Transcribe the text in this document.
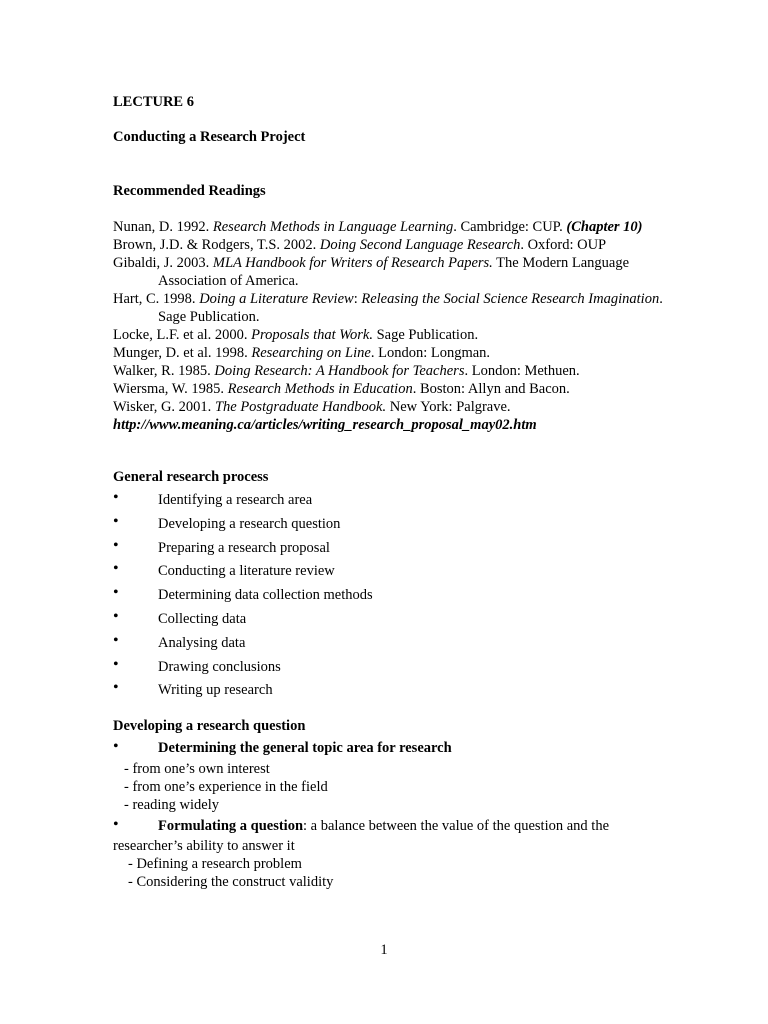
LECTURE 6
Conducting a Research Project
Recommended Readings
Nunan, D. 1992. Research Methods in Language Learning. Cambridge: CUP. (Chapter 10)
Brown, J.D. & Rodgers, T.S. 2002. Doing Second Language Research. Oxford: OUP
Gibaldi, J. 2003. MLA Handbook for Writers of Research Papers. The Modern Language Association of America.
Hart, C. 1998. Doing a Literature Review: Releasing the Social Science Research Imagination. Sage Publication.
Locke, L.F. et al. 2000. Proposals that Work. Sage Publication.
Munger, D. et al. 1998. Researching on Line. London: Longman.
Walker, R. 1985. Doing Research: A Handbook for Teachers. London: Methuen.
Wiersma, W. 1985. Research Methods in Education. Boston: Allyn and Bacon.
Wisker, G. 2001. The Postgraduate Handbook. New York: Palgrave.
http://www.meaning.ca/articles/writing_research_proposal_may02.htm
General research process
•	Identifying a research area
•	Developing a research question
•	Preparing a research proposal
•	Conducting a literature review
•	Determining data collection methods
•	Collecting data
•	Analysing data
•	Drawing conclusions
•	Writing up research
Developing a research question
•	Determining the general topic area for research
- from one’s own interest
- from one’s experience in the field
- reading widely
•	Formulating a question: a balance between the value of the question and the
researcher’s ability to answer it
- Defining a research problem
- Considering the construct validity
1
